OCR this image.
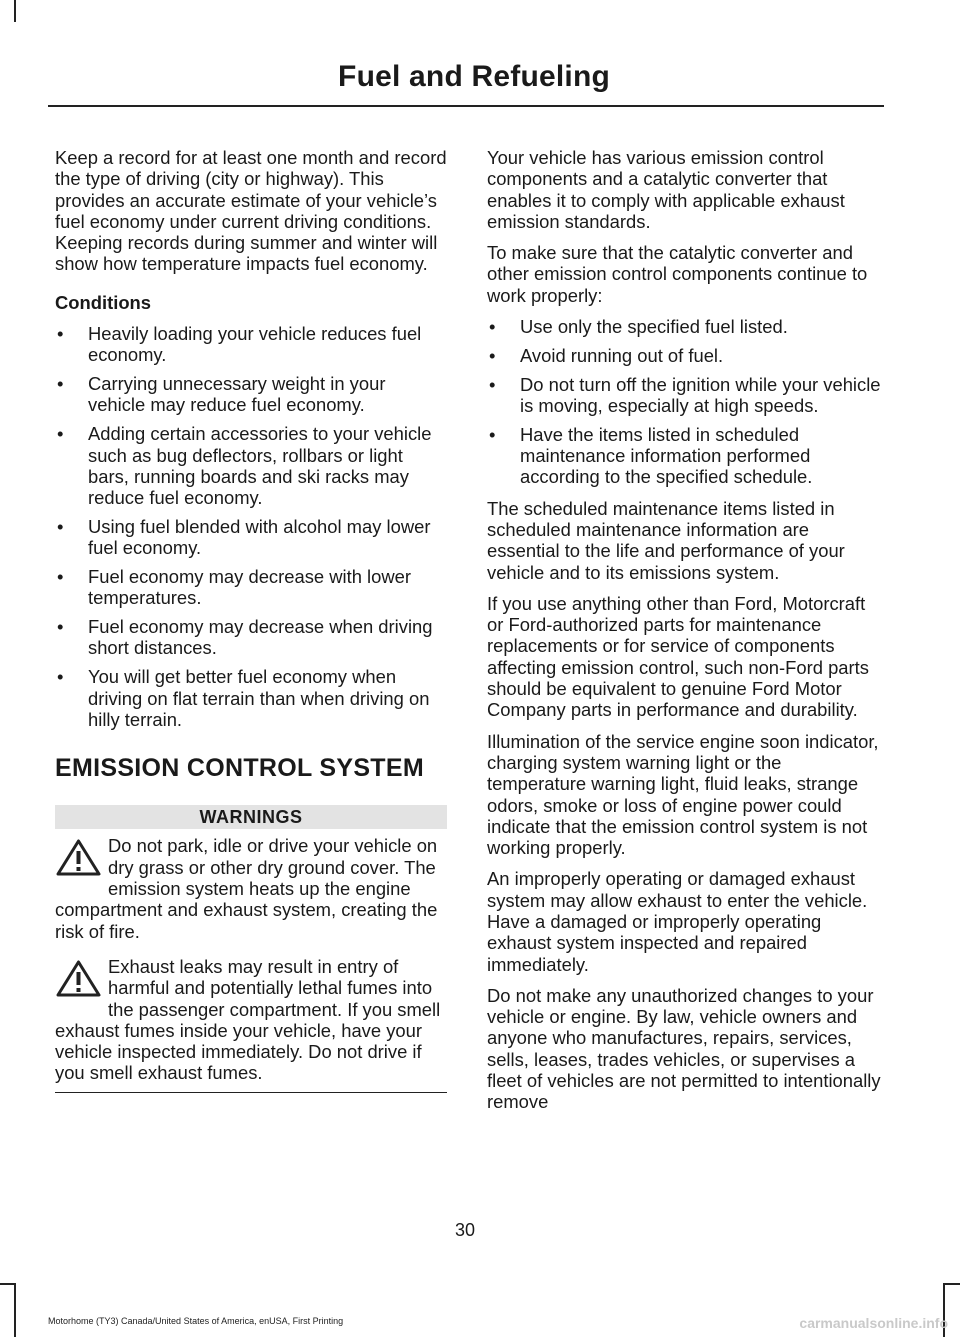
Fuel and Refueling

Keep a record for at least one month and record the type of driving (city or highway). This provides an accurate estimate of your vehicle’s fuel economy under current driving conditions. Keeping records during summer and winter will show how temperature impacts fuel economy.

Conditions
• Heavily loading your vehicle reduces fuel economy.
• Carrying unnecessary weight in your vehicle may reduce fuel economy.
• Adding certain accessories to your vehicle such as bug deflectors, rollbars or light bars, running boards and ski racks may reduce fuel economy.
• Using fuel blended with alcohol may lower fuel economy.
• Fuel economy may decrease with lower temperatures.
• Fuel economy may decrease when driving short distances.
• You will get better fuel economy when driving on flat terrain than when driving on hilly terrain.
EMISSION CONTROL SYSTEM
WARNINGS
Do not park, idle or drive your vehicle on dry grass or other dry ground cover. The emission system heats up the engine compartment and exhaust system, creating the risk of fire.
Exhaust leaks may result in entry of harmful and potentially lethal fumes into the passenger compartment. If you smell exhaust fumes inside your vehicle, have your vehicle inspected immediately. Do not drive if you smell exhaust fumes.

Your vehicle has various emission control components and a catalytic converter that enables it to comply with applicable exhaust emission standards.

To make sure that the catalytic converter and other emission control components continue to work properly:

• Use only the specified fuel listed.
• Avoid running out of fuel.
• Do not turn off the ignition while your vehicle is moving, especially at high speeds.
• Have the items listed in scheduled maintenance information performed according to the specified schedule.

The scheduled maintenance items listed in scheduled maintenance information are essential to the life and performance of your vehicle and to its emissions system.

If you use anything other than Ford, Motorcraft or Ford-authorized parts for maintenance replacements or for service of components affecting emission control, such non-Ford parts should be equivalent to genuine Ford Motor Company parts in performance and durability.

Illumination of the service engine soon indicator, charging system warning light or the temperature warning light, fluid leaks, strange odors, smoke or loss of engine power could indicate that the emission control system is not working properly.

An improperly operating or damaged exhaust system may allow exhaust to enter the vehicle. Have a damaged or improperly operating exhaust system inspected and repaired immediately.

Do not make any unauthorized changes to your vehicle or engine. By law, vehicle owners and anyone who manufactures, repairs, services, sells, leases, trades vehicles, or supervises a fleet of vehicles are not permitted to intentionally remove

30
Motorhome (TY3) Canada/United States of America, enUSA, First Printing	carmanualsonline.info
